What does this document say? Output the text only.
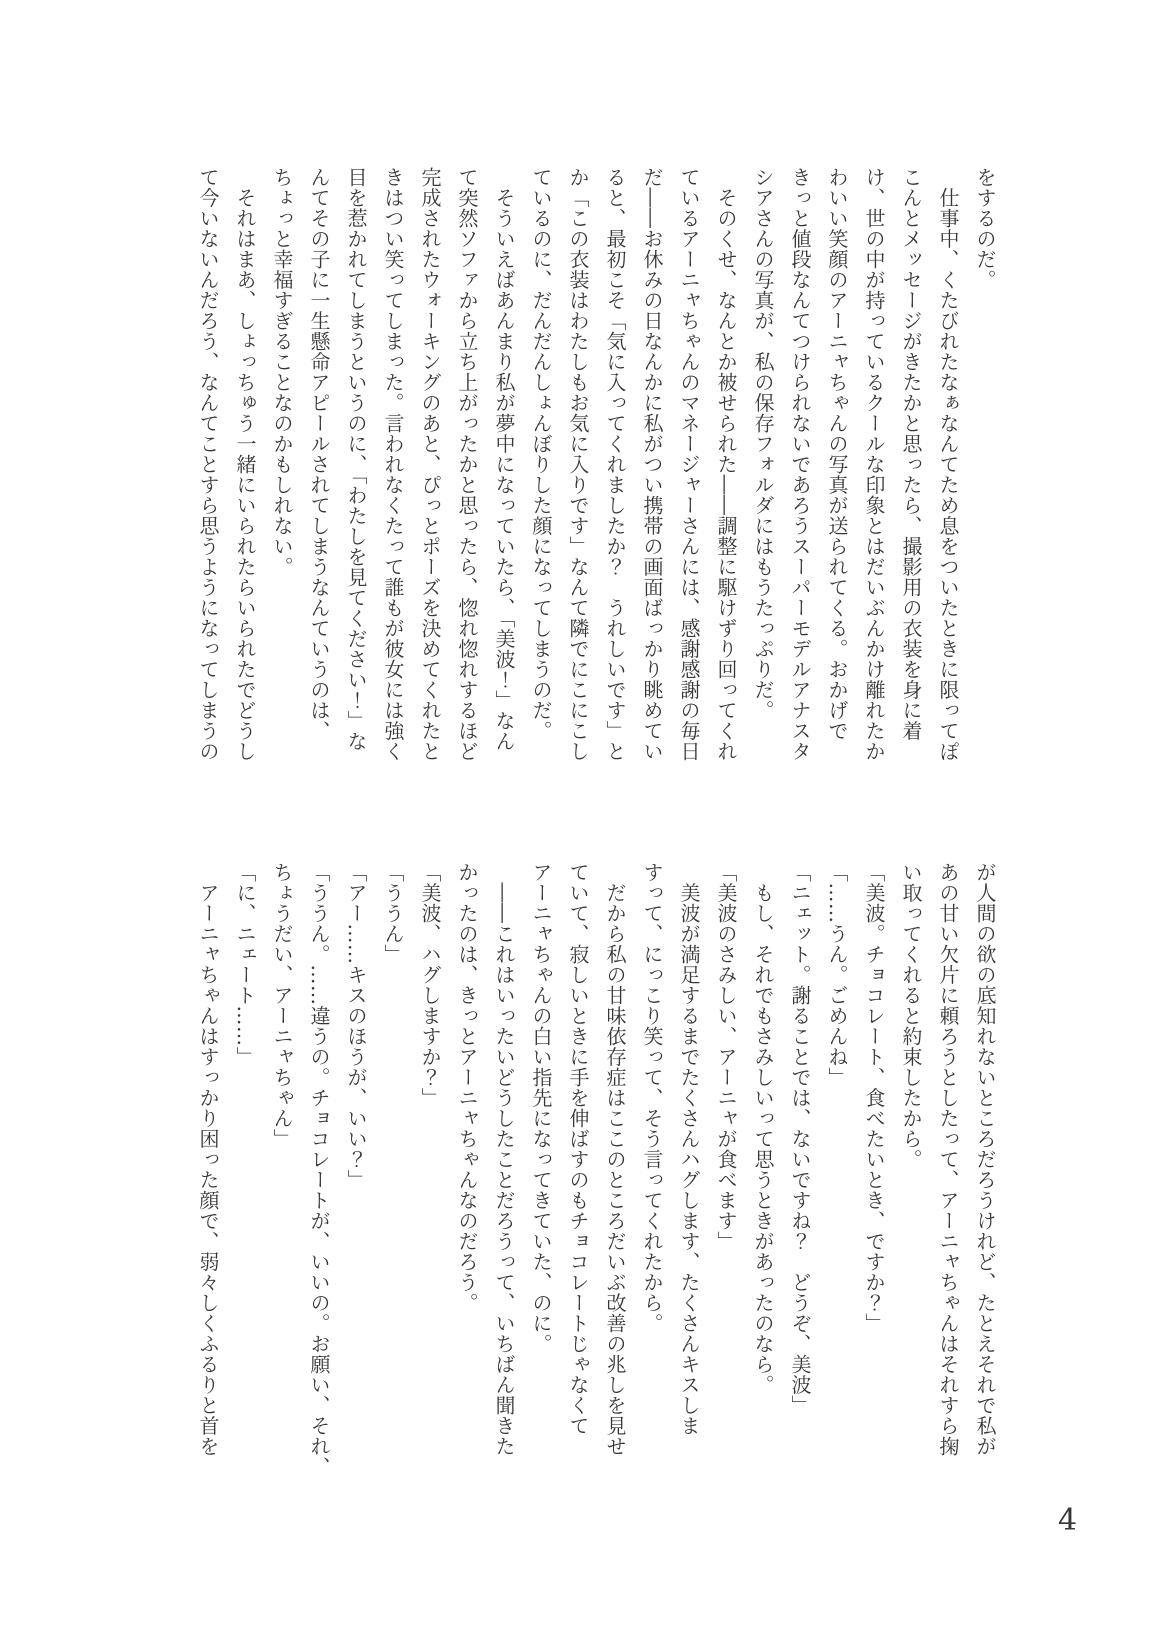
をするのだ。
　仕事中、くたびれたなぁなんてため息をついたときに限ってぽ
こんとメッセージがきたかと思ったら、撮影用の衣装を身に着
け、世の中が持っているクールな印象とはだいぶんかけ離れたか
わいい笑顔のアーニャちゃんの写真が送られてくる。おかげで
きっと値段なんてつけられないであろうスーパーモデルアナスタ
シアさんの写真が、私の保存フォルダにはもうたっぷりだ。
　そのくせ、なんとか被せられた――調整に駆けずり回ってくれ
ているアーニャちゃんのマネージャーさんには、感謝感謝の毎日
だ――お休みの日なんかに私がつい携帯の画面ばっかり眺めてい
ると、最初こそ「気に入ってくれましたか？　うれしいです」と
か「この衣装はわたしもお気に入りです」なんて隣でにこにこし
ているのに、だんだんしょんぼりした顔になってしまうのだ。
　そういえばあんまり私が夢中になっていたら、「美波！」なん
て突然ソファから立ち上がったかと思ったら、惚れ惚れするほど
完成されたウォーキングのあと、ぴっとポーズを決めてくれたと
きはつい笑ってしまった。言われなくたって誰もが彼女には強く
目を惹かれてしまうというのに、「わたしを見てください！」な
んてその子に一生懸命アピールされてしまうなんていうのは、
ちょっと幸福すぎることなのかもしれない。
　それはまあ、しょっちゅう一緒にいられたらいられたでどうし
て今いないんだろう、なんてことすら思うようになってしまうの
が人間の欲の底知れないところだろうけれど、たとえそれで私が
あの甘い欠片に頼ろうとしたって、アーニャちゃんはそれすら掬
い取ってくれると約束したから。
「美波。チョコレート、食べたいとき、ですか？」
「……うん。ごめんね」
「ニェット。謝ることでは、ないですね？　どうぞ、美波」
　もし、それでもさみしいって思うときがあったのなら。
「美波のさみしい、アーニャが食べます」
　美波が満足するまでたくさんハグします、たくさんキスしま
すって、にっこり笑って、そう言ってくれたから。
　だから私の甘味依存症はここのところだいぶ改善の兆しを見せ
ていて、寂しいときに手を伸ばすのもチョコレートじゃなくて
アーニャちゃんの白い指先になってきていた、のに。
　――これはいったいどうしたことだろうって、いちばん聞きた
かったのは、きっとアーニャちゃんなのだろう。
「美波、ハグしますか？」
「ううん」
「アー……キスのほうが、いい？」
「ううん。……違うの。チョコレートが、いいの。お願い、それ、
ちょうだい、アーニャちゃん」
「に、ニェート……」
　アーニャちゃんはすっかり困った顔で、弱々しくふるりと首を
4
